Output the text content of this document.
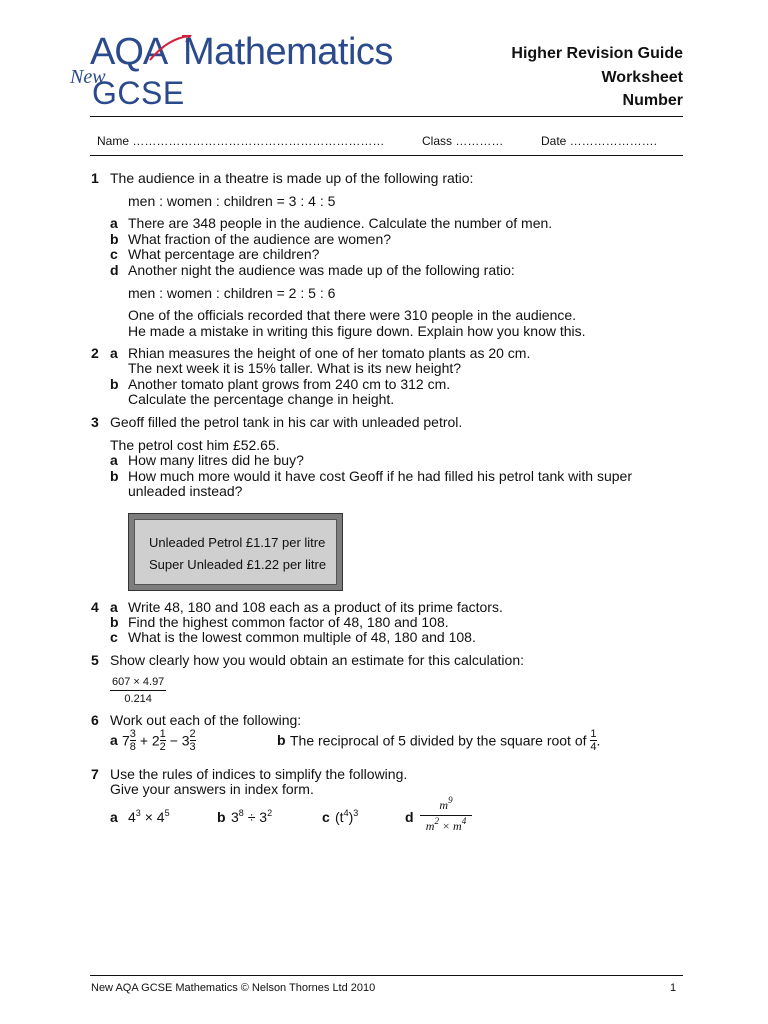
AQA Mathematics
New
GCSE
Higher Revision Guide
Worksheet
Number
Name ………………………………………………………	Class …………	Date ………………….
1 The audience in a theatre is made up of the following ratio:
men : women : children = 3 : 4 : 5
a There are 348 people in the audience. Calculate the number of men.
b What fraction of the audience are women?
c What percentage are children?
d Another night the audience was made up of the following ratio:
men : women : children = 2 : 5 : 6
One of the officials recorded that there were 310 people in the audience.
He made a mistake in writing this figure down. Explain how you know this.
2 a Rhian measures the height of one of her tomato plants as 20 cm.
The next week it is 15% taller. What is its new height?
b Another tomato plant grows from 240 cm to 312 cm.
Calculate the percentage change in height.
3 Geoff filled the petrol tank in his car with unleaded petrol.
The petrol cost him £52.65.
a How many litres did he buy?
b How much more would it have cost Geoff if he had filled his petrol tank with super
unleaded instead?
Unleaded Petrol £1.17 per litre
Super Unleaded £1.22 per litre
4 a Write 48, 180 and 108 each as a product of its prime factors.
b Find the highest common factor of 48, 180 and 108.
c What is the lowest common multiple of 48, 180 and 108.
5 Show clearly how you would obtain an estimate for this calculation:
$\frac{607 \times 4.97}{0.214}$
6 Work out each of the following:
a $7 \frac{3}{8} + 2 \frac{1}{2} - 3 \frac{2}{3}$	b The reciprocal of 5 divided by the square root of $\frac{1}{4}$ .
7 Use the rules of indices to simplify the following.
Give your answers in index form.
a $4^3 \times 4^5$	b $3^8 \div 3^2$	c $(t^4)^3$	d $\frac{m^9}{m^2 \times m^4}$
New AQA GCSE Mathematics © Nelson Thornes Ltd 2010	1
